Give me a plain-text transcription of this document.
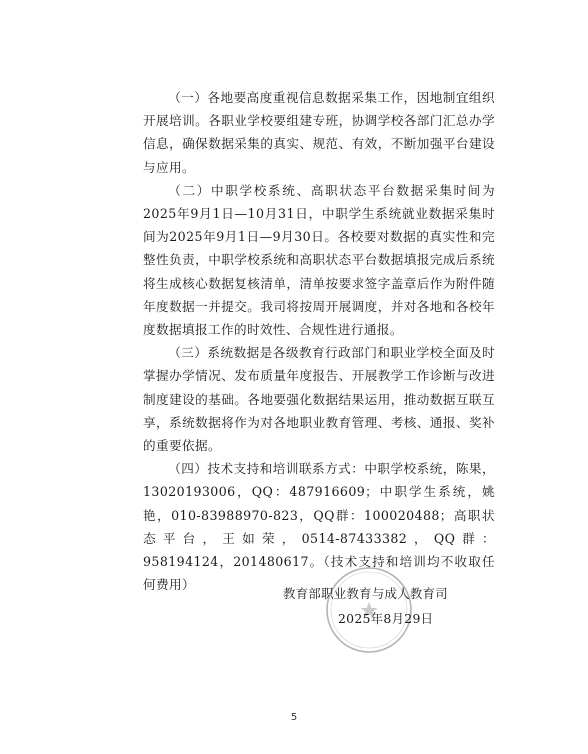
（一）各地要高度重视信息数据采集工作，因地制宜组织开展培训。各职业学校要组建专班，协调学校各部门汇总办学信息，确保数据采集的真实、规范、有效，不断加强平台建设与应用。

（二）中职学校系统、高职状态平台数据采集时间为2025年9月1日—10月31日，中职学生系统就业数据采集时间为2025年9月1日—9月30日。各校要对数据的真实性和完整性负责，中职学校系统和高职状态平台数据填报完成后系统将生成核心数据复核清单，清单按要求签字盖章后作为附件随年度数据一并提交。我司将按周开展调度，并对各地和各校年度数据填报工作的时效性、合规性进行通报。

（三）系统数据是各级教育行政部门和职业学校全面及时掌握办学情况、发布质量年度报告、开展教学工作诊断与改进制度建设的基础。各地要强化数据结果运用，推动数据互联互享，系统数据将作为对各地职业教育管理、考核、通报、奖补的重要依据。

（四）技术支持和培训联系方式：中职学校系统，陈果，13020193006，QQ：487916609；中职学生系统，姚艳，010-83988970-823，QQ群：100020488；高职状态平台，王如荣，0514-87433382，QQ群：958194124，201480617。（技术支持和培训均不收取任何费用）

教育部职业教育与成人教育司
2025年8月29日
5
